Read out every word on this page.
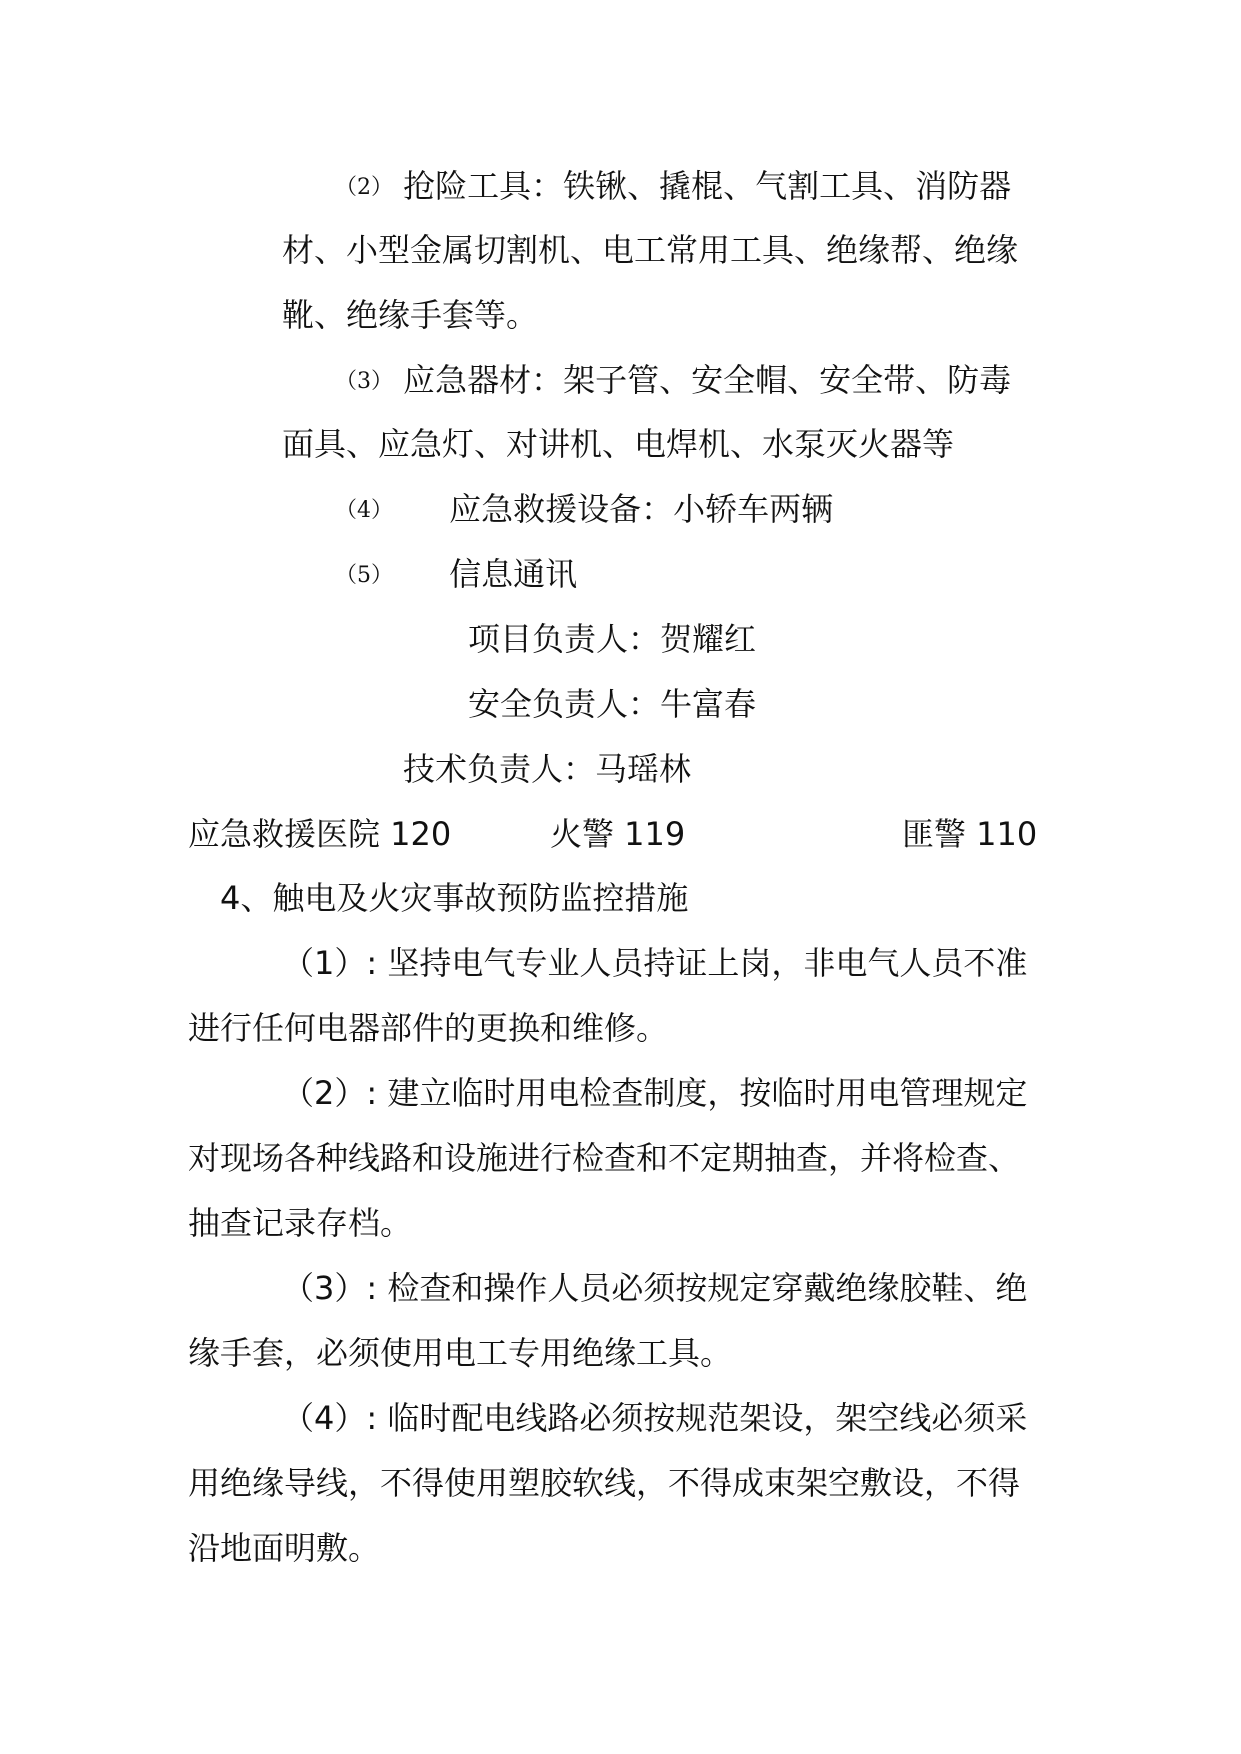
（2） 抢险工具：铁锹、撬棍、气割工具、消防器

材、小型金属切割机、电工常用工具、绝缘帮、绝缘

靴、绝缘手套等。

（3） 应急器材：架子管、安全帽、安全带、防毒

面具、应急灯、对讲机、电焊机、水泵灭火器等

（4） 应急救援设备：小轿车两辆

（5） 信息通讯

项目负责人：贺耀红

安全负责人：牛富春

技术负责人：马瑶林

应急救援医院 120	火警 119	匪警 110

4、触电及火灾事故预防监控措施

（1）: 坚持电气专业人员持证上岗，非电气人员不准

进行任何电器部件的更换和维修。

（2）: 建立临时用电检查制度，按临时用电管理规定

对现场各种线路和设施进行检查和不定期抽查，并将检查、

抽查记录存档。

（3）: 检查和操作人员必须按规定穿戴绝缘胶鞋、绝

缘手套，必须使用电工专用绝缘工具。

（4）: 临时配电线路必须按规范架设，架空线必须采

用绝缘导线，不得使用塑胶软线，不得成束架空敷设，不得

沿地面明敷。
